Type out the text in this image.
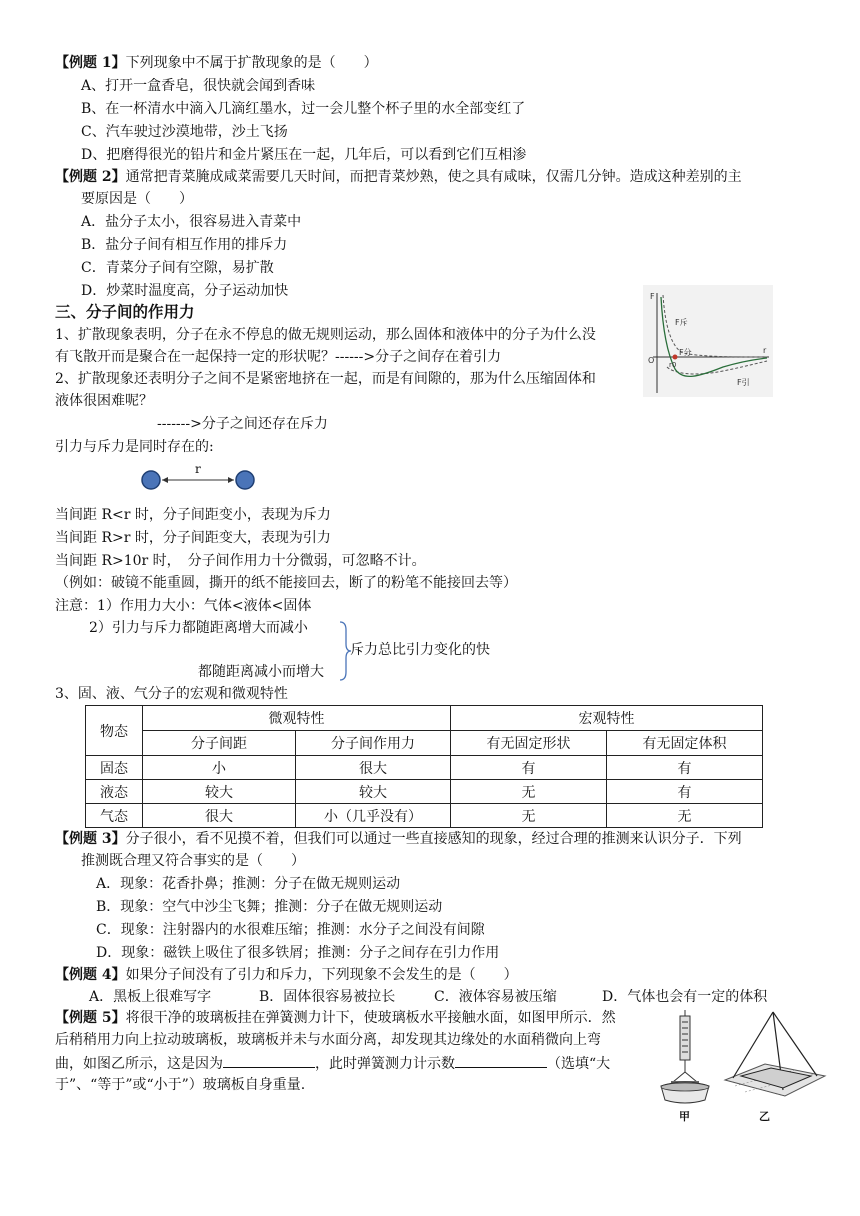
【例题 1】下列现象中不属于扩散现象的是（　　）
A、打开一盒香皂，很快就会闻到香味
B、在一杯清水中滴入几滴红墨水，过一会儿整个杯子里的水全部变红了
C、汽车驶过沙漠地带，沙土飞扬
D、把磨得很光的铅片和金片紧压在一起，几年后，可以看到它们互相渗
【例题 2】通常把青菜腌成咸菜需要几天时间，而把青菜炒熟，使之具有咸味，仅需几分钟。造成这种差别的主
要原因是（　　）
A．盐分子太小，很容易进入青菜中
B．盐分子间有相互作用的排斥力
C．青菜分子间有空隙，易扩散
D．炒菜时温度高，分子运动加快
三、分子间的作用力
1、扩散现象表明，分子在永不停息的做无规则运动，那么固体和液体中的分子为什么没
有飞散开而是聚合在一起保持一定的形状呢？------>分子之间存在着引力
2、扩散现象还表明分子之间不是紧密地挤在一起，而是有间隙的，那为什么压缩固体和
液体很困难呢？
------->分子之间还存在斥力
引力与斥力是同时存在的:
F
F斥
F分
O r0
F引
r
r
当间距 R<r 时，分子间距变小，表现为斥力
当间距 R>r 时，分子间距变大，表现为引力
当间距 R>10r 时，　分子间作用力十分微弱，可忽略不计。
（例如：破镜不能重圆，撕开的纸不能接回去，断了的粉笔不能接回去等）
注意：1）作用力大小：气体<液体<固体
2）引力与斥力都随距离增大而减小
都随距离减小而增大
斥力总比引力变化的快
3、固、液、气分子的宏观和微观特性
物态	微观特性		宏观特性	
	分子间距	分子间作用力	有无固定形状	有无固定体积
固态	小	很大	有	有
液态	较大	较大	无	有
气态	很大	小（几乎没有）	无	无
【例题 3】分子很小，看不见摸不着，但我们可以通过一些直接感知的现象，经过合理的推测来认识分子．下列
推测既合理又符合事实的是（　　）
A．现象：花香扑鼻；推测：分子在做无规则运动
B．现象：空气中沙尘飞舞；推测：分子在做无规则运动
C．现象：注射器内的水很难压缩；推测：水分子之间没有间隙
D．现象：磁铁上吸住了很多铁屑；推测：分子之间存在引力作用
【例题 4】如果分子间没有了引力和斥力，下列现象不会发生的是（　　）
A．黑板上很难写字	B．固体很容易被拉长	C．液体容易被压缩	D．气体也会有一定的体积
【例题 5】将很干净的玻璃板挂在弹簧测力计下，使玻璃板水平接触水面，如图甲所示．然
后稍稍用力向上拉动玻璃板，玻璃板并未与水面分离，却发现其边缘处的水面稍微向上弯
曲，如图乙所示，这是因为	，此时弹簧测力计示数	（选填“大
于”、“等于”或“小于”）玻璃板自身重量.
甲	乙
